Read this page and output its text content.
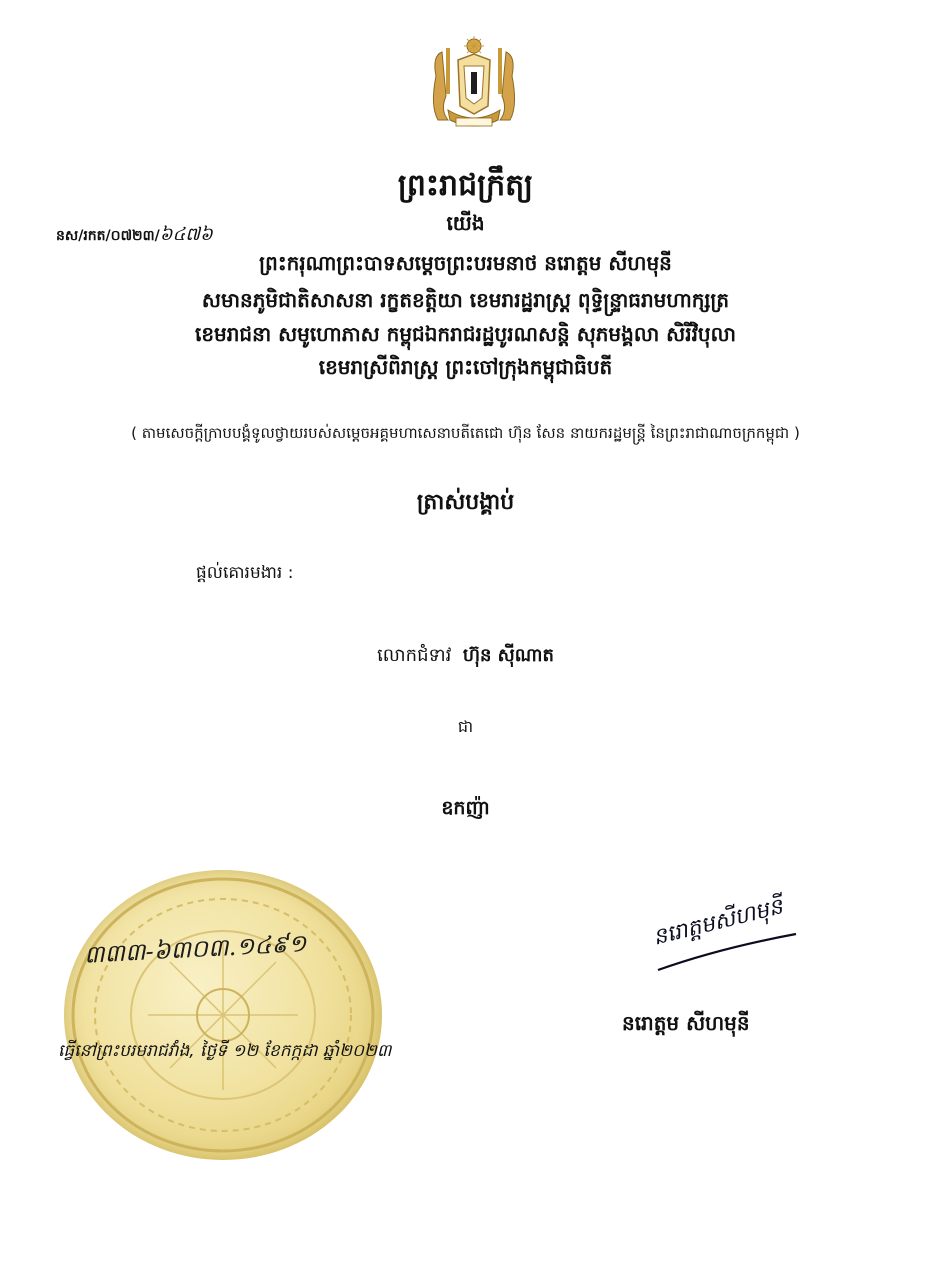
នស/រកត/០៧២៣/៦៤៧៦
ព្រះរាជក្រឹត្យ
យើង
ព្រះករុណាព្រះបាទសម្តេចព្រះបរមនាថ នរោត្តម សីហមុនី
សមានភូមិជាតិសាសនា រក្ខតខត្តិយា ខេមរារដ្ឋរាស្ត្រ ពុទ្ធិន្ទ្រាធរាមហាក្សត្រ
ខេមរាជនា សមូហោភាស កម្ពុជឯករាជរដ្ឋបូរណសន្តិ សុភមង្គលា សិរីវិបុលា
ខេមរាស្រីពិរាស្ត្រ ព្រះចៅក្រុងកម្ពុជាធិបតី
( តាមសេចក្តីក្រាបបង្គំទូលថ្វាយរបស់សម្តេចអគ្គមហាសេនាបតីតេជោ ហ៊ុន សែន នាយករដ្ឋមន្ត្រី នៃព្រះរាជាណាចក្រកម្ពុជា )
ត្រាស់បង្គាប់
ផ្តល់គោរមងារ :
លោកជំទាវ ហ៊ុន ស៊ីណាត
ជា
ឧកញ៉ា
៣៣៣-៦៣០៣.១៤៩១
ធ្វើនៅព្រះបរមរាជវាំង, ថ្ងៃទី ១២ ខែកក្កដា ឆ្នាំ២០២៣
នរោត្តមសីហមុនី
នរោត្តម សីហមុនី
